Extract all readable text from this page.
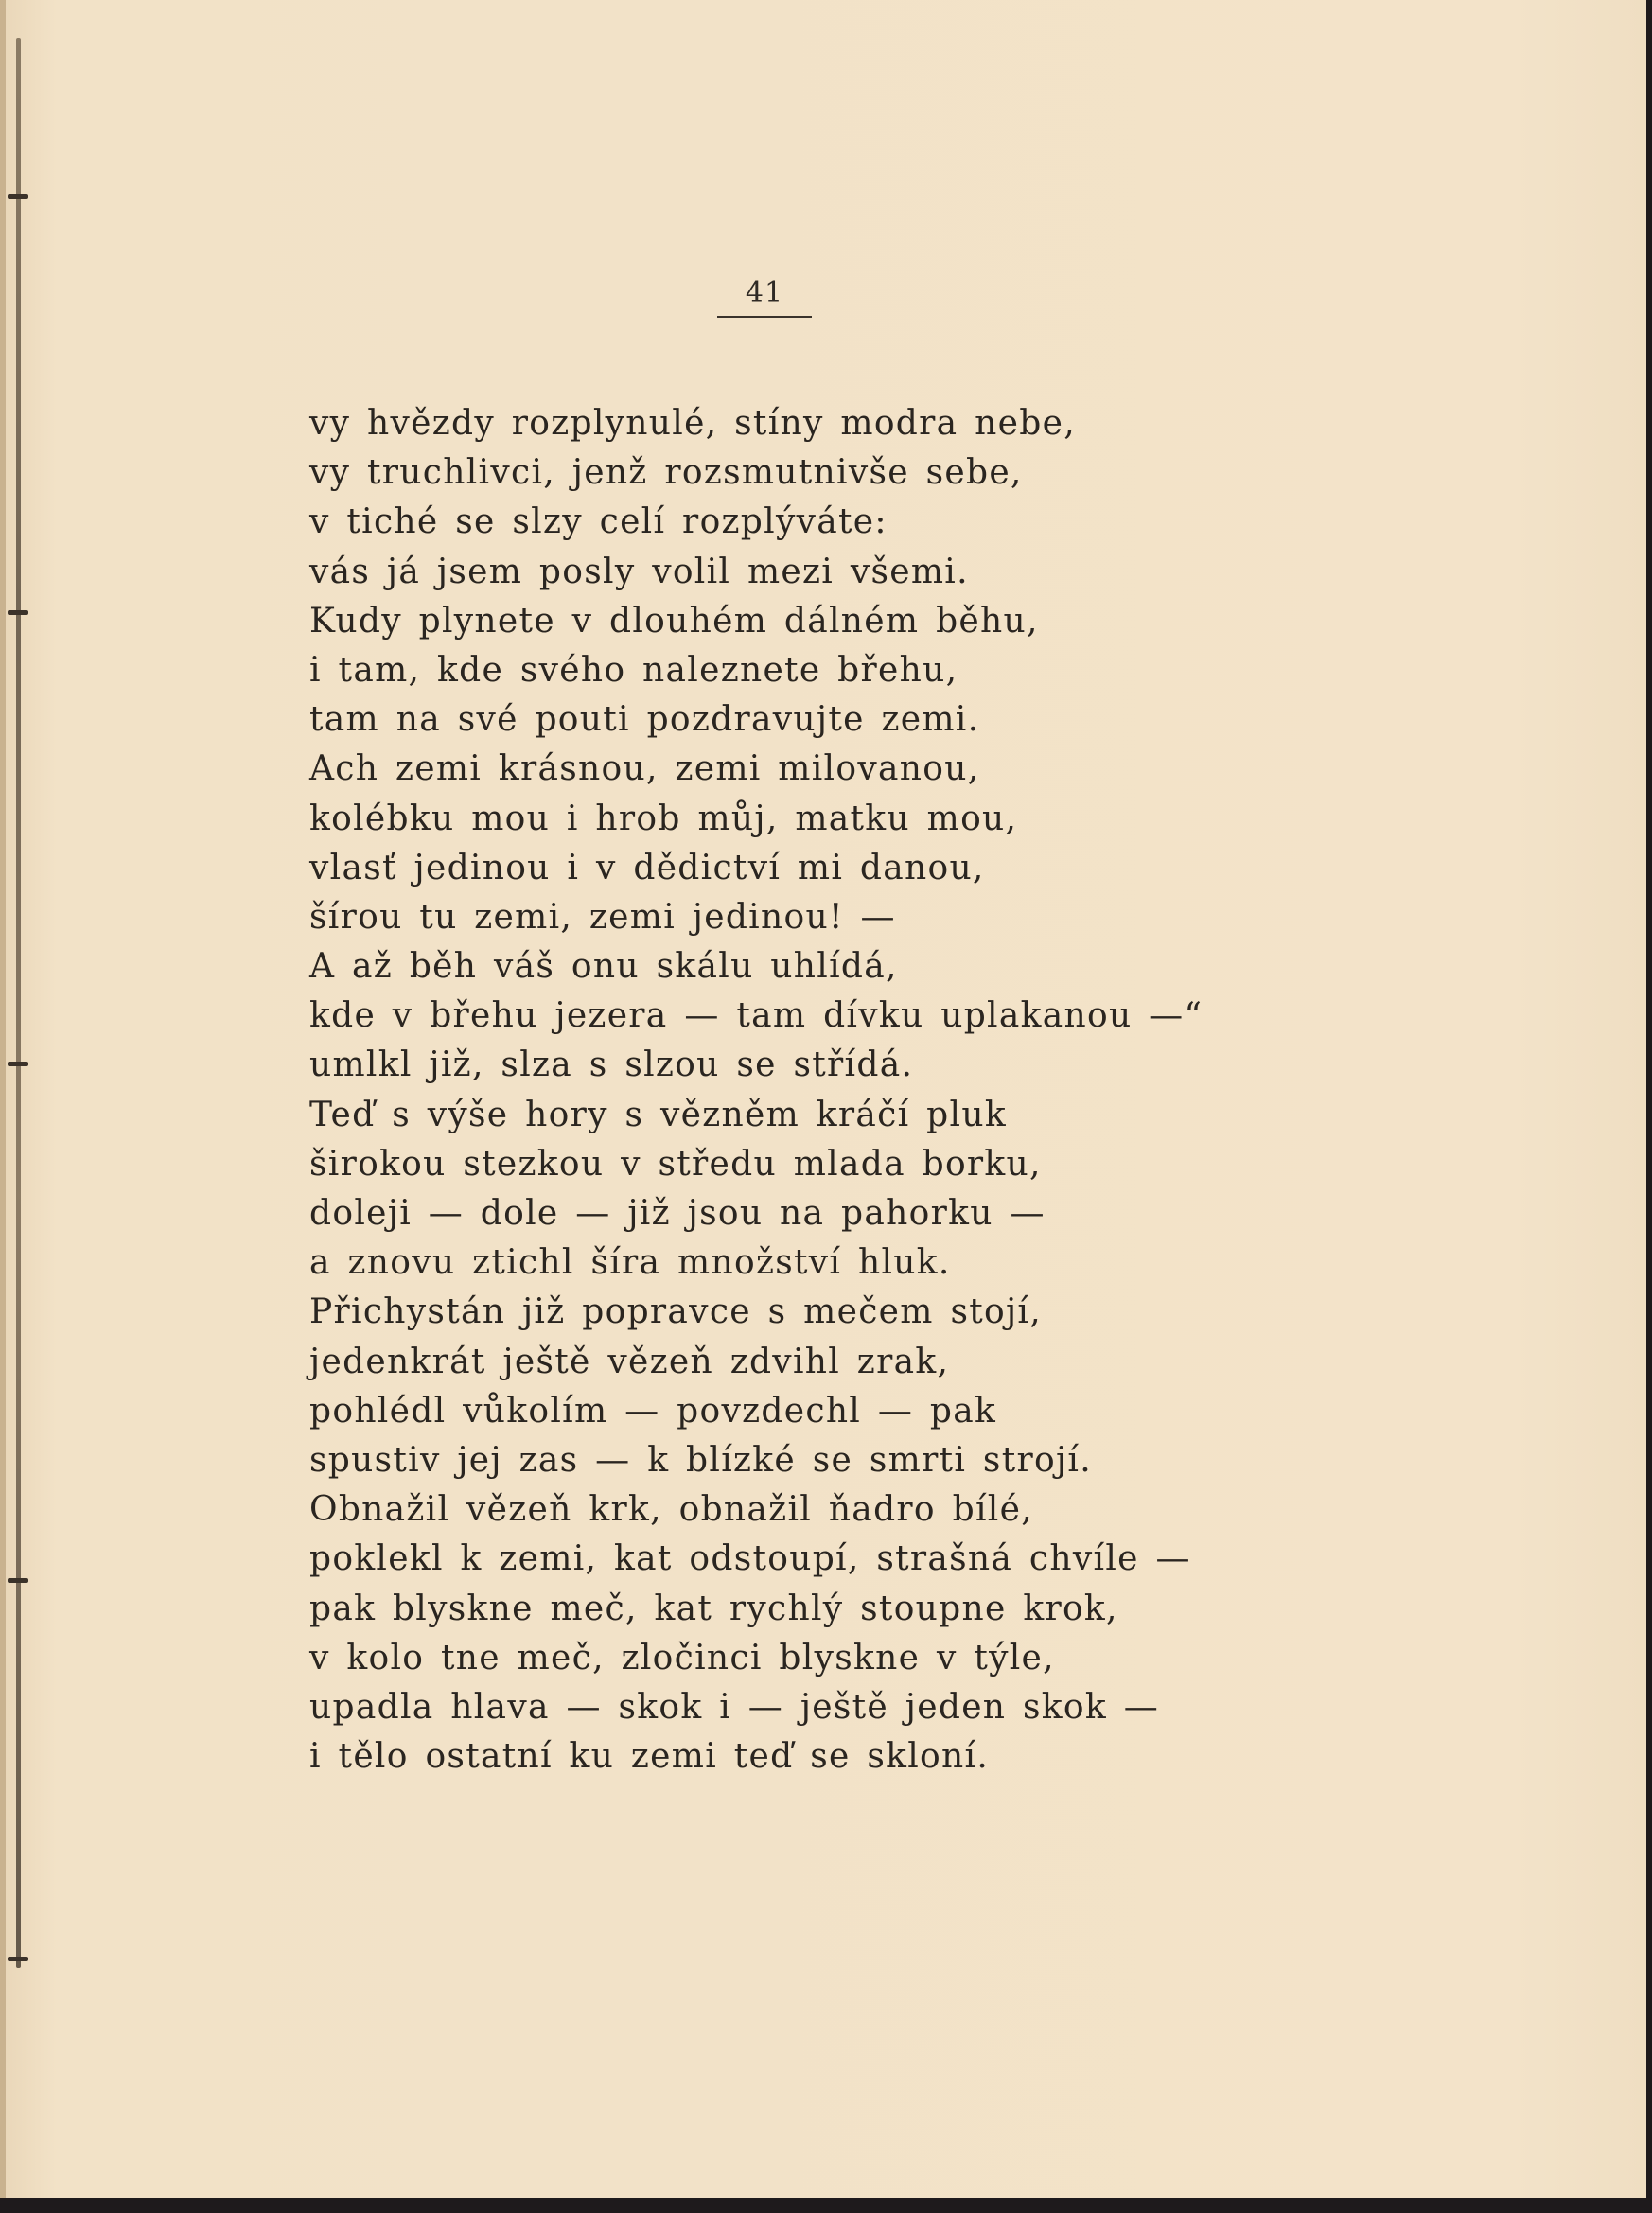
41
vy hvězdy rozplynulé, stíny modra nebe,
vy truchlivci, jenž rozsmutnivše sebe,
v tiché se slzy celí rozplýváte:
vás já jsem posly volil mezi všemi.
Kudy plynete v dlouhém dálném běhu,
i tam, kde svého naleznete břehu,
tam na své pouti pozdravujte zemi.
Ach zemi krásnou, zemi milovanou,
kolébku mou i hrob můj, matku mou,
vlasť jedinou i v dědictví mi danou,
šírou tu zemi, zemi jedinou! —
A až běh váš onu skálu uhlídá,
kde v břehu jezera — tam dívku uplakanou —“
umlkl již, slza s slzou se střídá.
Teď s výše hory s vězněm kráčí pluk
širokou stezkou v středu mlada borku,
doleji — dole — již jsou na pahorku —
a znovu ztichl šíra množství hluk.
Přichystán již popravce s mečem stojí,
jedenkrát ještě vězeň zdvihl zrak,
pohlédl vůkolím — povzdechl — pak
spustiv jej zas — k blízké se smrti strojí.
Obnažil vězeň krk, obnažil ňadro bílé,
poklekl k zemi, kat odstoupí, strašná chvíle —
pak blyskne meč, kat rychlý stoupne krok,
v kolo tne meč, zločinci blyskne v týle,
upadla hlava — skok i — ještě jeden skok —
i tělo ostatní ku zemi teď se skloní.
